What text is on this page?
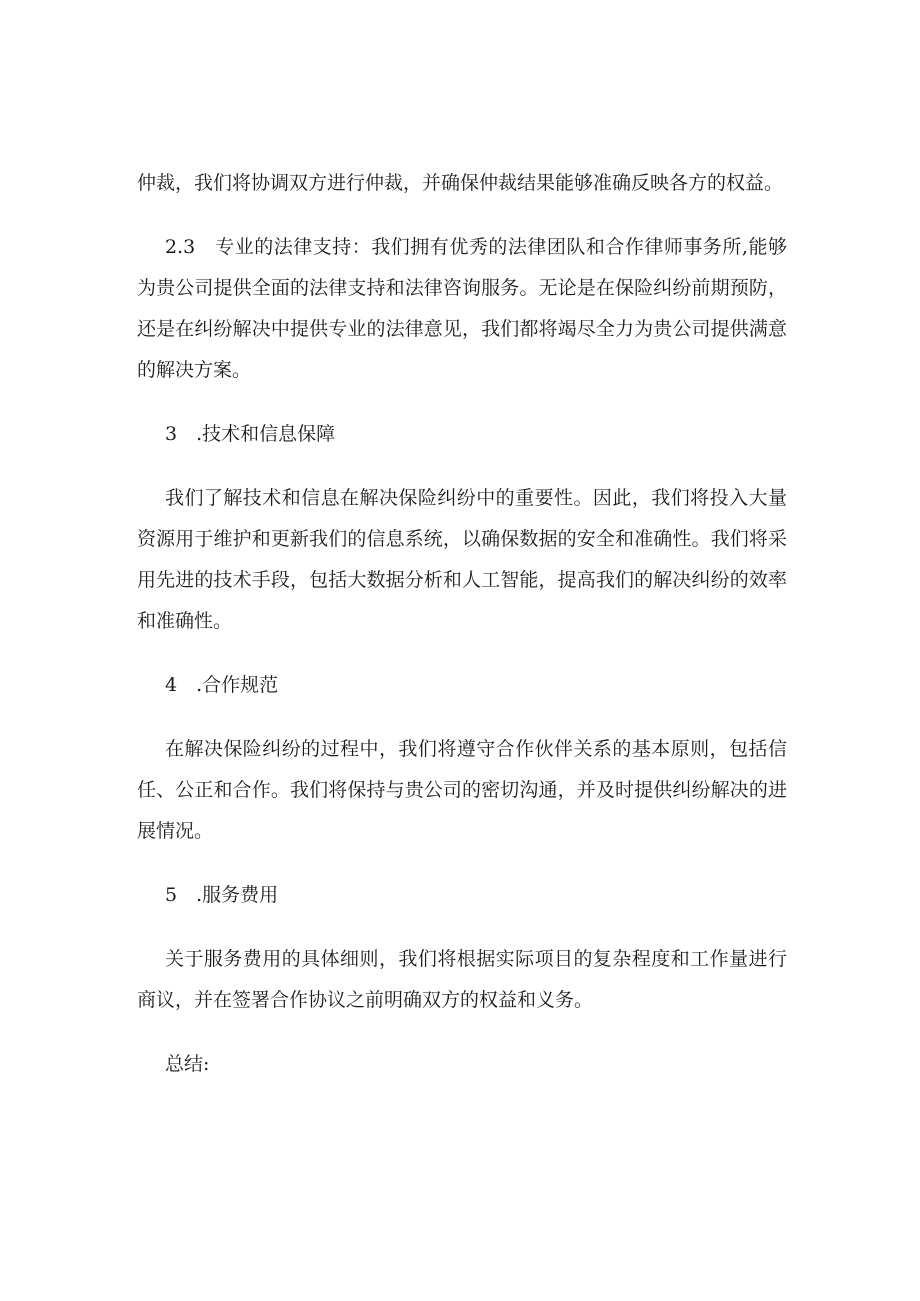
仲裁，我们将协调双方进行仲裁，并确保仲裁结果能够准确反映各方的权益。

2.3　专业的法律支持：我们拥有优秀的法律团队和合作律师事务所,能够为贵公司提供全面的法律支持和法律咨询服务。无论是在保险纠纷前期预防，还是在纠纷解决中提供专业的法律意见，我们都将竭尽全力为贵公司提供满意的解决方案。

3　.技术和信息保障

我们了解技术和信息在解决保险纠纷中的重要性。因此，我们将投入大量资源用于维护和更新我们的信息系统，以确保数据的安全和准确性。我们将采用先进的技术手段，包括大数据分析和人工智能，提高我们的解决纠纷的效率和准确性。

4　.合作规范

在解决保险纠纷的过程中，我们将遵守合作伙伴关系的基本原则，包括信任、公正和合作。我们将保持与贵公司的密切沟通，并及时提供纠纷解决的进展情况。

5　.服务费用

关于服务费用的具体细则，我们将根据实际项目的复杂程度和工作量进行商议，并在签署合作协议之前明确双方的权益和义务。

总结:
